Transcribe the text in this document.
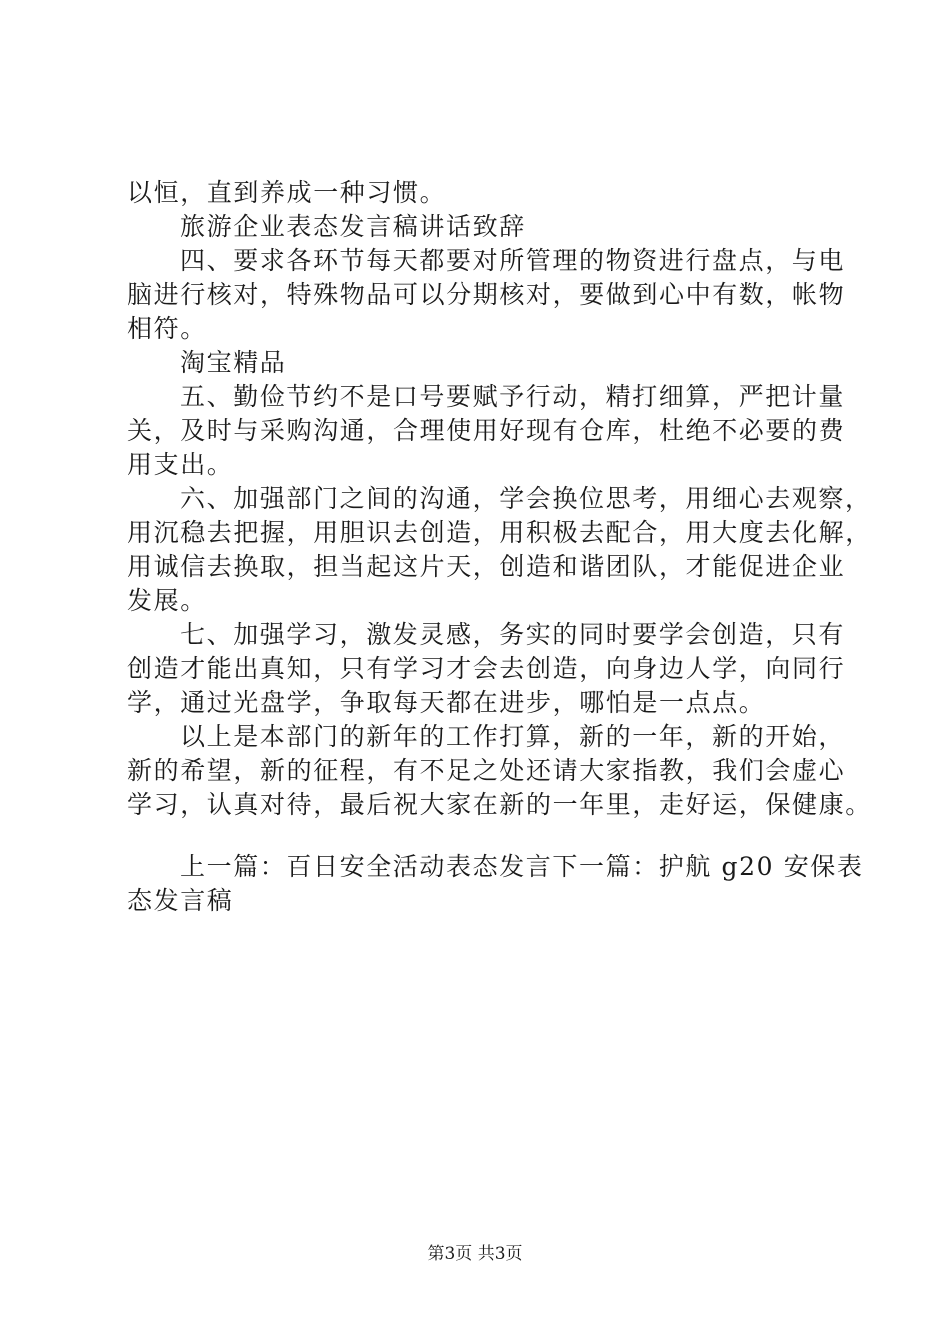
以恒，直到养成一种习惯。
旅游企业表态发言稿讲话致辞
四、要求各环节每天都要对所管理的物资进行盘点，与电
脑进行核对，特殊物品可以分期核对，要做到心中有数，帐物
相符。
淘宝精品
五、勤俭节约不是口号要赋予行动，精打细算，严把计量
关，及时与采购沟通，合理使用好现有仓库，杜绝不必要的费
用支出。
六、加强部门之间的沟通，学会换位思考，用细心去观察，
用沉稳去把握，用胆识去创造，用积极去配合，用大度去化解，
用诚信去换取，担当起这片天，创造和谐团队，才能促进企业
发展。
七、加强学习，激发灵感，务实的同时要学会创造，只有
创造才能出真知，只有学习才会去创造，向身边人学，向同行
学，通过光盘学，争取每天都在进步，哪怕是一点点。
以上是本部门的新年的工作打算，新的一年，新的开始，
新的希望，新的征程，有不足之处还请大家指教，我们会虚心
学习，认真对待，最后祝大家在新的一年里，走好运，保健康。
上一篇：百日安全活动表态发言下一篇：护航 g20 安保表
态发言稿
第3页 共3页
